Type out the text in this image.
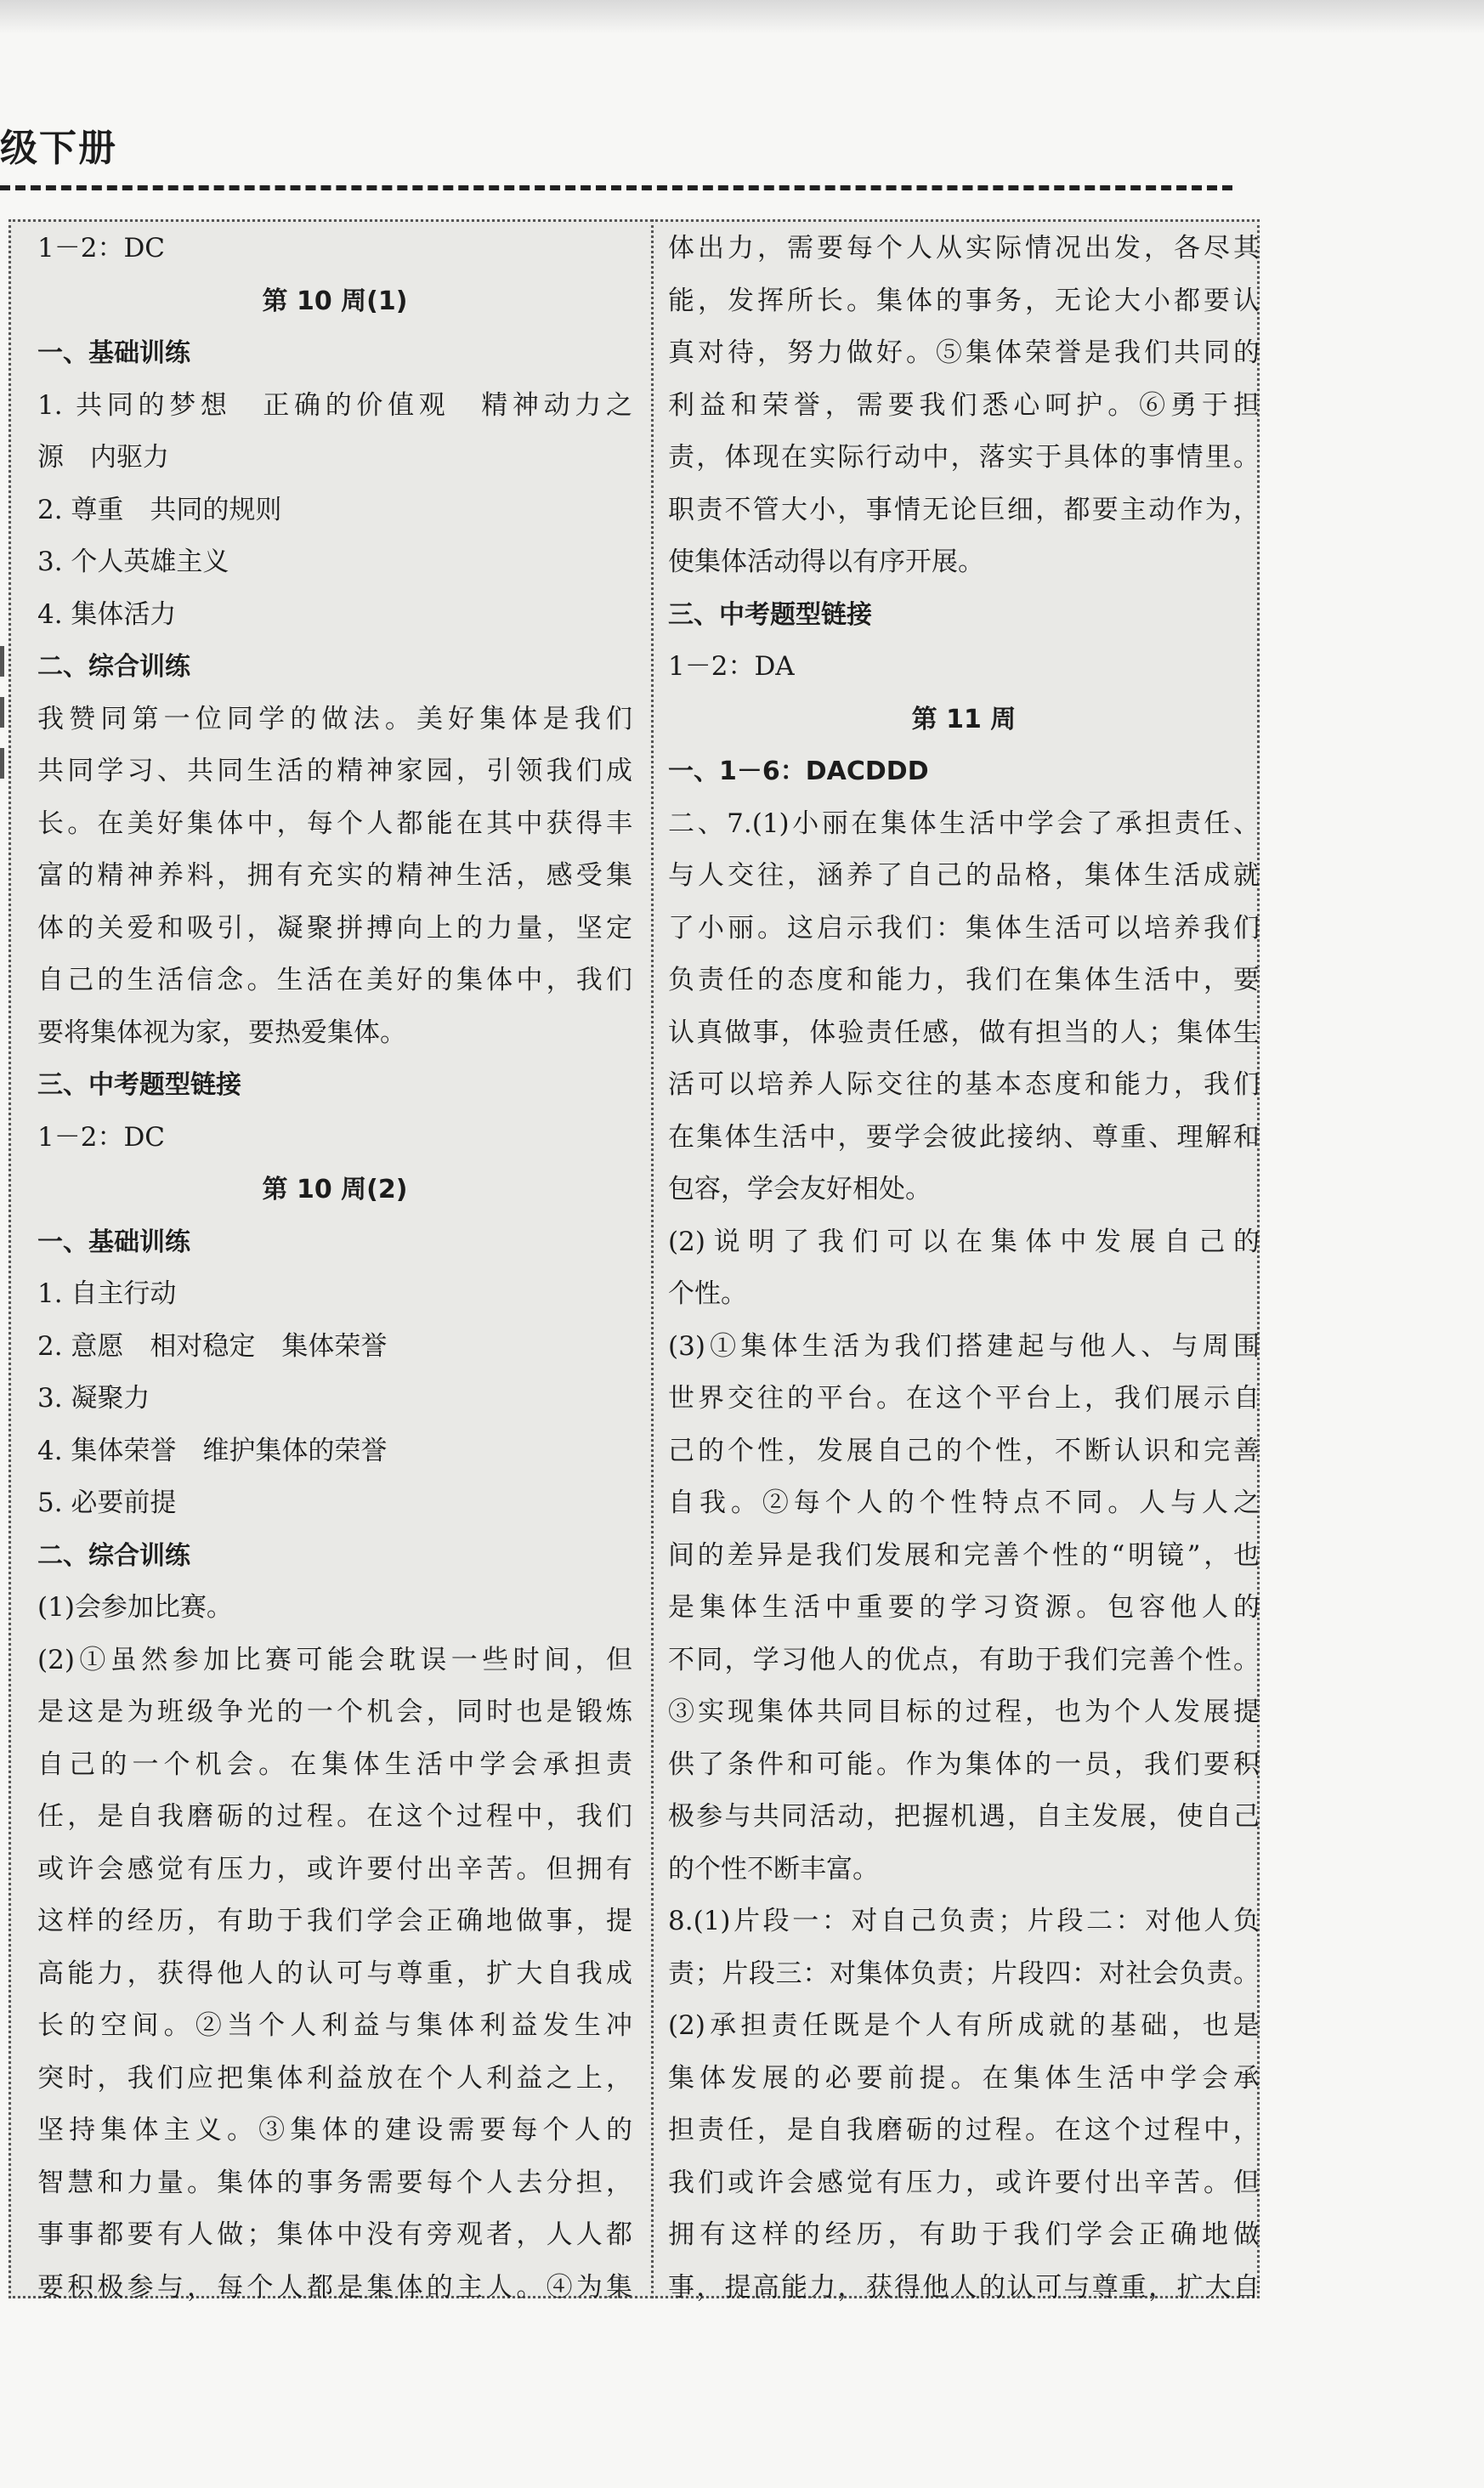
级下册
1－2：DC
第 10 周(1)
一、基础训练
1. 共同的梦想　正确的价值观　精神动力之
源　内驱力
2. 尊重　共同的规则
3. 个人英雄主义
4. 集体活力
二、综合训练
我赞同第一位同学的做法。美好集体是我们
共同学习、共同生活的精神家园，引领我们成
长。在美好集体中，每个人都能在其中获得丰
富的精神养料，拥有充实的精神生活，感受集
体的关爱和吸引，凝聚拼搏向上的力量，坚定
自己的生活信念。生活在美好的集体中，我们
要将集体视为家，要热爱集体。
三、中考题型链接
1－2：DC
第 10 周(2)
一、基础训练
1. 自主行动
2. 意愿　相对稳定　集体荣誉
3. 凝聚力
4. 集体荣誉　维护集体的荣誉
5. 必要前提
二、综合训练
(1)会参加比赛。
(2)①虽然参加比赛可能会耽误一些时间，但
是这是为班级争光的一个机会，同时也是锻炼
自己的一个机会。在集体生活中学会承担责
任，是自我磨砺的过程。在这个过程中，我们
或许会感觉有压力，或许要付出辛苦。但拥有
这样的经历，有助于我们学会正确地做事，提
高能力，获得他人的认可与尊重，扩大自我成
长的空间。②当个人利益与集体利益发生冲
突时，我们应把集体利益放在个人利益之上，
坚持集体主义。③集体的建设需要每个人的
智慧和力量。集体的事务需要每个人去分担，
事事都要有人做；集体中没有旁观者，人人都
要积极参与，每个人都是集体的主人。④为集
体出力，需要每个人从实际情况出发，各尽其
能，发挥所长。集体的事务，无论大小都要认
真对待，努力做好。⑤集体荣誉是我们共同的
利益和荣誉，需要我们悉心呵护。⑥勇于担
责，体现在实际行动中，落实于具体的事情里。
职责不管大小，事情无论巨细，都要主动作为，
使集体活动得以有序开展。
三、中考题型链接
1－2：DA
第 11 周
一、1－6：DACDDD
二、7.(1)小丽在集体生活中学会了承担责任、
与人交往，涵养了自己的品格，集体生活成就
了小丽。这启示我们：集体生活可以培养我们
负责任的态度和能力，我们在集体生活中，要
认真做事，体验责任感，做有担当的人；集体生
活可以培养人际交往的基本态度和能力，我们
在集体生活中，要学会彼此接纳、尊重、理解和
包容，学会友好相处。
(2)说明了我们可以在集体中发展自己的
个性。
(3)①集体生活为我们搭建起与他人、与周围
世界交往的平台。在这个平台上，我们展示自
己的个性，发展自己的个性，不断认识和完善
自我。②每个人的个性特点不同。人与人之
间的差异是我们发展和完善个性的“明镜”，也
是集体生活中重要的学习资源。包容他人的
不同，学习他人的优点，有助于我们完善个性。
③实现集体共同目标的过程，也为个人发展提
供了条件和可能。作为集体的一员，我们要积
极参与共同活动，把握机遇，自主发展，使自己
的个性不断丰富。
8.(1)片段一：对自己负责；片段二：对他人负
责；片段三：对集体负责；片段四：对社会负责。
(2)承担责任既是个人有所成就的基础，也是
集体发展的必要前提。在集体生活中学会承
担责任，是自我磨砺的过程。在这个过程中，
我们或许会感觉有压力，或许要付出辛苦。但
拥有这样的经历，有助于我们学会正确地做
事，提高能力，获得他人的认可与尊重，扩大自
